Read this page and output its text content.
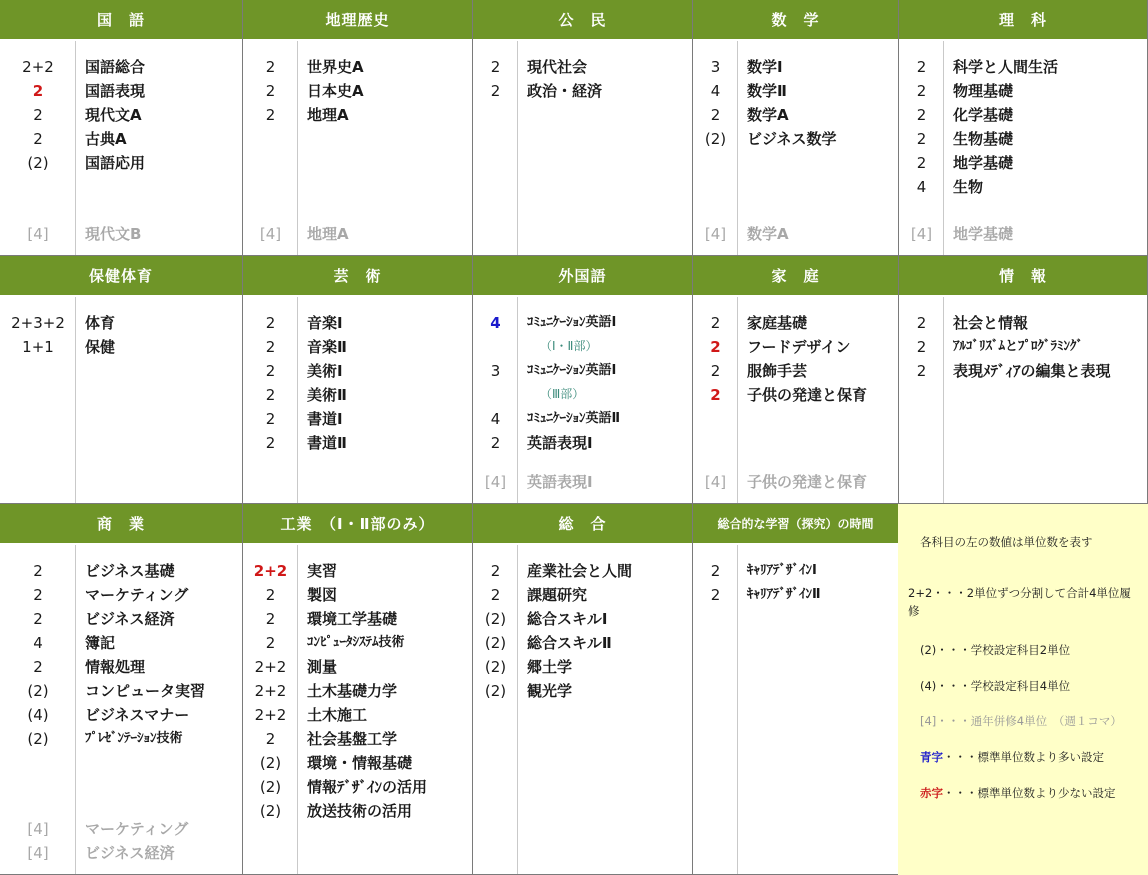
国　語
2+2	国語総合
2	国語表現
2	現代文A
2	古典A
(2)	国語応用
[4]	現代文B
地理歴史
2	世界史A
2	日本史A
2	地理A
[4]	地理A
公　民
2	現代社会
2	政治・経済
数　学
3	数学Ⅰ
4	数学Ⅱ
2	数学A
(2)	ビジネス数学
[4]	数学A
理　科
2	科学と人間生活
2	物理基礎
2	化学基礎
2	生物基礎
2	地学基礎
4	生物
[4]	地学基礎
保健体育
2+3+2	体育
1+1	保健
芸　術
2	音楽Ⅰ
2	音楽Ⅱ
2	美術Ⅰ
2	美術Ⅱ
2	書道Ⅰ
2	書道Ⅱ
外国語
4	ｺﾐｭﾆｹｰｼｮﾝ英語Ⅰ
（Ⅰ・Ⅱ部）
3	ｺﾐｭﾆｹｰｼｮﾝ英語Ⅰ
（Ⅲ部）
4	ｺﾐｭﾆｹｰｼｮﾝ英語Ⅱ
2	英語表現Ⅰ
[4]	英語表現Ⅰ
家　庭
2	家庭基礎
2	フードデザイン
2	服飾手芸
2	子供の発達と保育
[4]	子供の発達と保育
情　報
2	社会と情報
2	ｱﾙｺﾞﾘｽﾞﾑとﾌﾟﾛｸﾞﾗﾐﾝｸﾞ
2	表現ﾒﾃﾞｨｱの編集と表現
商　業
2	ビジネス基礎
2	マーケティング
2	ビジネス経済
4	簿記
2	情報処理
(2)	コンピュータ実習
(4)	ビジネスマナー
(2)	ﾌﾟﾚｾﾞﾝﾃｰｼｮﾝ技術
[4]	マーケティング
[4]	ビジネス経済
工業　（Ⅰ・Ⅱ部のみ）
2+2	実習
2	製図
2	環境工学基礎
2	ｺﾝﾋﾟｭｰﾀｼｽﾃﾑ技術
2+2	測量
2+2	土木基礎力学
2+2	土木施工
2	社会基盤工学
(2)	環境・情報基礎
(2)	情報ﾃﾞｻﾞｲﾝの活用
(2)	放送技術の活用
総　合
2	産業社会と人間
2	課題研究
(2)	総合スキルⅠ
(2)	総合スキルⅡ
(2)	郷土学
(2)	観光学
総合的な学習（探究）の時間
2	ｷｬﾘｱﾃﾞｻﾞｲﾝⅠ
2	ｷｬﾘｱﾃﾞｻﾞｲﾝⅡ

各科目の左の数値は単位数を表す

2+2・・・2単位ずつ分割して合計4単位履修

(2)・・・学校設定科目2単位

(4)・・・学校設定科目4単位

[4]・・・通年併修4単位　（週１コマ）

青字・・・標準単位数より多い設定

赤字・・・標準単位数より少ない設定
